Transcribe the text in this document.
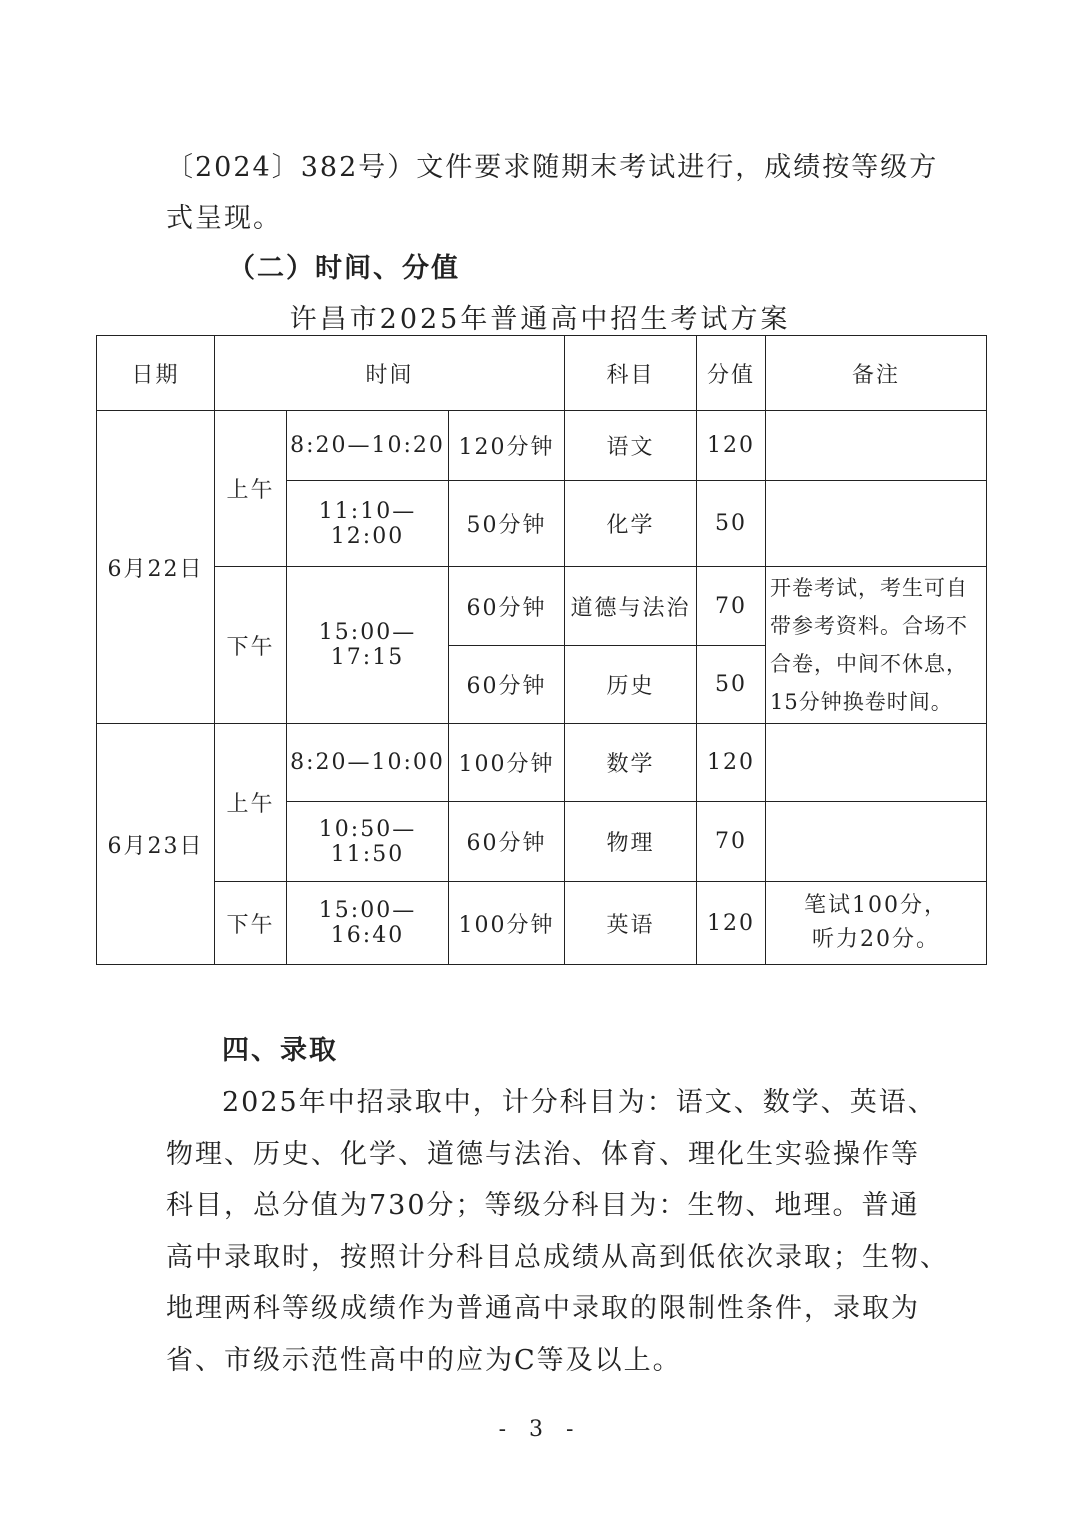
〔2024〕382号）文件要求随期末考试进行，成绩按等级方
式呈现。
（二）时间、分值
许昌市2025年普通高中招生考试方案
日期	时间			科目	分值	备注
6月22日	上午	8:20—10:20	120分钟	语文	120	
		11:10—12:00	50分钟	化学	50	
	下午	15:00—17:15	60分钟	道德与法治	70	开卷考试，考生可自带参考资料。合场不合卷，中间不休息，15分钟换卷时间。
			60分钟	历史	50	
6月23日	上午	8:20—10:00	100分钟	数学	120	
		10:50—11:50	60分钟	物理	70	
	下午	15:00—16:40	100分钟	英语	120	笔试100分，
听力20分。
四、录取
2025年中招录取中，计分科目为：语文、数学、英语、
物理、历史、化学、道德与法治、体育、理化生实验操作等
科目，总分值为730分；等级分科目为：生物、地理。普通
高中录取时，按照计分科目总成绩从高到低依次录取；生物、
地理两科等级成绩作为普通高中录取的限制性条件，录取为
省、市级示范性高中的应为C等及以上。
- 3 -
